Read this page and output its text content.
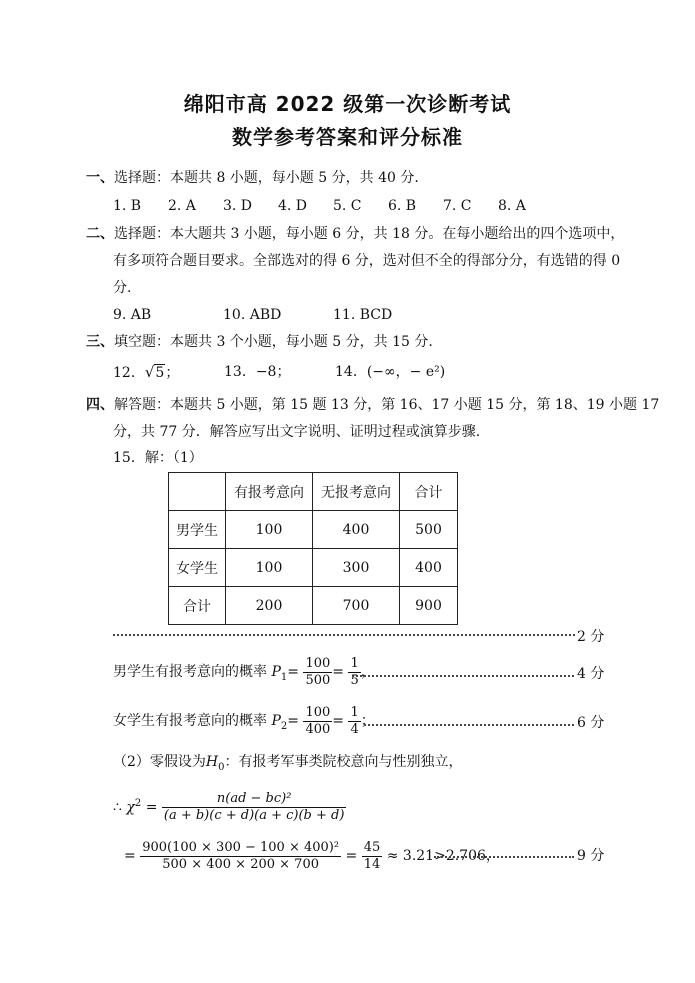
绵阳市高 2022 级第一次诊断考试
数学参考答案和评分标准
一、选择题：本题共 8 小题，每小题 5 分，共 40 分.
1. B 2. A 3. D 4. D 5. C 6. B 7. C 8. A
二、选择题：本大题共 3 小题，每小题 6 分，共 18 分。在每小题给出的四个选项中，
有多项符合题目要求。全部选对的得 6 分，选对但不全的得部分分，有选错的得 0
分.
9. AB	10. ABD	11. BCD
三、填空题：本题共 3 个小题，每小题 5 分，共 15 分.
12．√5；	13．−8；	14．(−∞，− e²)
四、解答题：本题共 5 小题，第 15 题 13 分，第 16、17 小题 15 分，第 18、19 小题 17
分，共 77 分．解答应写出文字说明、证明过程或演算步骤.
15．解：（1）
	有报考意向	无报考意向	合计
男学生	100	400	500
女学生	100	300	400
合计	200	700	900
2 分
男学生有报考意向的概率 $P_1= \frac{100}{500} = \frac{1}{5}$ ，	4 分
女学生有报考意向的概率 $P_2= \frac{100}{400} = \frac{1}{4}$ ；	6 分
（2）零假设为$H_0$：有报考军事类院校意向与性别独立，
∴ $\chi^2 = \frac{\text{n(ad − bc)²}}{(a + b)(c + d)(a + c)(b + d)}$
= $\frac{\text{900(100 × 300 − 100 × 400)²}}{500 \times 400 \times 200 \times 700} = \frac{45}{14} \approx 3.21>2.706$，	9 分
